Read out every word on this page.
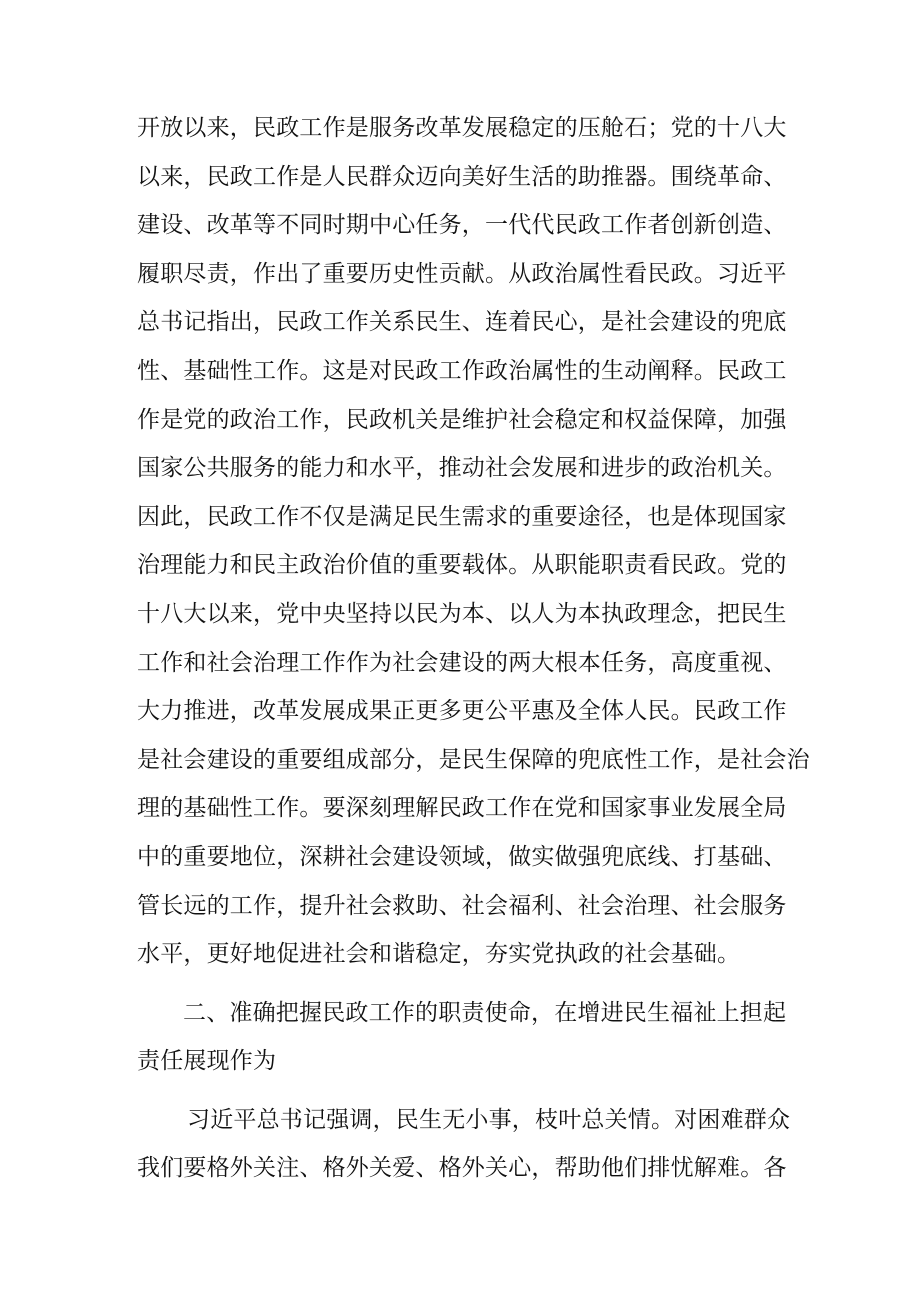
开放以来，民政工作是服务改革发展稳定的压舱石；党的十八大
以来，民政工作是人民群众迈向美好生活的助推器。围绕革命、
建设、改革等不同时期中心任务，一代代民政工作者创新创造、
履职尽责，作出了重要历史性贡献。从政治属性看民政。习近平
总书记指出，民政工作关系民生、连着民心，是社会建设的兜底
性、基础性工作。这是对民政工作政治属性的生动阐释。民政工
作是党的政治工作，民政机关是维护社会稳定和权益保障，加强
国家公共服务的能力和水平，推动社会发展和进步的政治机关。
因此，民政工作不仅是满足民生需求的重要途径，也是体现国家
治理能力和民主政治价值的重要载体。从职能职责看民政。党的
十八大以来，党中央坚持以民为本、以人为本执政理念，把民生
工作和社会治理工作作为社会建设的两大根本任务，高度重视、
大力推进，改革发展成果正更多更公平惠及全体人民。民政工作
是社会建设的重要组成部分，是民生保障的兜底性工作，是社会治
理的基础性工作。要深刻理解民政工作在党和国家事业发展全局
中的重要地位，深耕社会建设领域，做实做强兜底线、打基础、
管长远的工作，提升社会救助、社会福利、社会治理、社会服务
水平，更好地促进社会和谐稳定，夯实党执政的社会基础。
二、准确把握民政工作的职责使命，在增进民生福祉上担起
责任展现作为
习近平总书记强调，民生无小事，枝叶总关情。对困难群众
我们要格外关注、格外关爱、格外关心，帮助他们排忧解难。各
